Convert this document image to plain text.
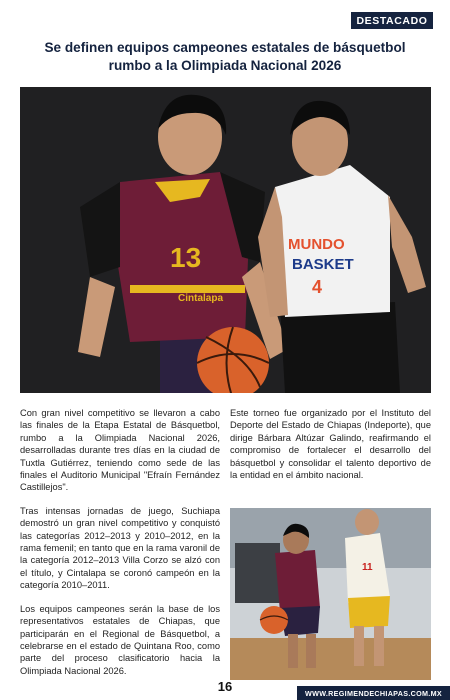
DESTACADO
Se definen equipos campeones estatales de básquetbol rumbo a la Olimpiada Nacional 2026
13
Cintalapa
MUNDO
BASKET
4

Con gran nivel competitivo se llevaron a cabo las finales de la Etapa Estatal de Básquetbol, rumbo a la Olimpiada Nacional 2026, desarrolladas durante tres días en la ciudad de Tuxtla Gutiérrez, teniendo como sede de las finales el Auditorio Municipal "Efraín Fernández Castillejos".

Tras intensas jornadas de juego, Suchiapa demostró un gran nivel competitivo y conquistó las categorías 2012–2013 y 2010–2012, en la rama femenil; en tanto que en la rama varonil de la categoría 2012–2013 Villa Corzo se alzó con el título, y Cintalapa se coronó campeón en la categoría 2010–2011.

Los equipos campeones serán la base de los representativos estatales de Chiapas, que participarán en el Regional de Básquetbol, a celebrarse en el estado de Quintana Roo, como parte del proceso clasificatorio hacia la Olimpiada Nacional 2026.

Este torneo fue organizado por el Instituto del Deporte del Estado de Chiapas (Indeporte), que dirige Bárbara Altúzar Galindo, reafirmando el compromiso de fortalecer el desarrollo del básquetbol y consolidar el talento deportivo de la entidad en el ámbito nacional.

11
16	WWW.REGIMENDECHIAPAS.COM.MX
